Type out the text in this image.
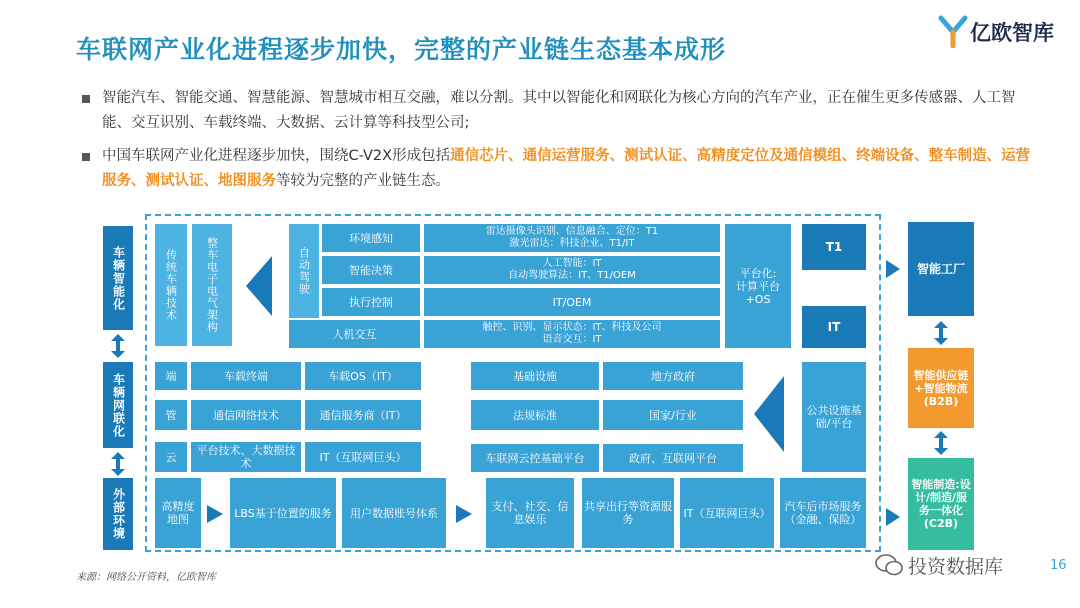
车联网产业化进程逐步加快，完整的产业链生态基本成形
亿欧智库
智能汽车、智能交通、智慧能源、智慧城市相互交融，难以分割。其中以智能化和网联化为核心方向的汽车产业，正在催生更多传感器、人工智能、交互识别、车载终端、大数据、云计算等科技型公司;
中国车联网产业化进程逐步加快，围绕C-V2X形成包括通信芯片、通信运营服务、测试认证、高精度定位及通信模组、终端设备、整车制造、运营服务、测试认证、地图服务等较为完整的产业链生态。
车辆智能化
车辆网联化
外部环境
传统车辆技术	整车电子电气架构	自动驾驶
环境感知	雷达摄像头识别、信息融合、定位：T1
激光雷达：科技企业、T1/IT
智能决策	人工智能：IT
自动驾驶算法：IT、T1/OEM
执行控制	IT/OEM
人机交互	触控、识别、显示状态：IT、科技及公司
语音交互：IT
平台化:
计算平台
+OS
T1
IT
端	车载终端	车载OS（IT）
管	通信网络技术	通信服务商（IT）
云	平台技术、大数据技术	IT（互联网巨头）
基础设施	地方政府
法规标准	国家/行业
车联网云控基础平台	政府、互联网平台
公共设施基础/平台
高精度地图	LBS基于位置的服务	用户数据账号体系	支付、社交、信息娱乐
共享出行等资源服务	IT（互联网巨头）	汽车后市场服务（金融、保险）
智能工厂
智能供应链+智能物流(B2B)
智能制造:设计/制造/服务一体化(C2B)
来源：网络公开资料，亿欧智库	投资数据库	16
